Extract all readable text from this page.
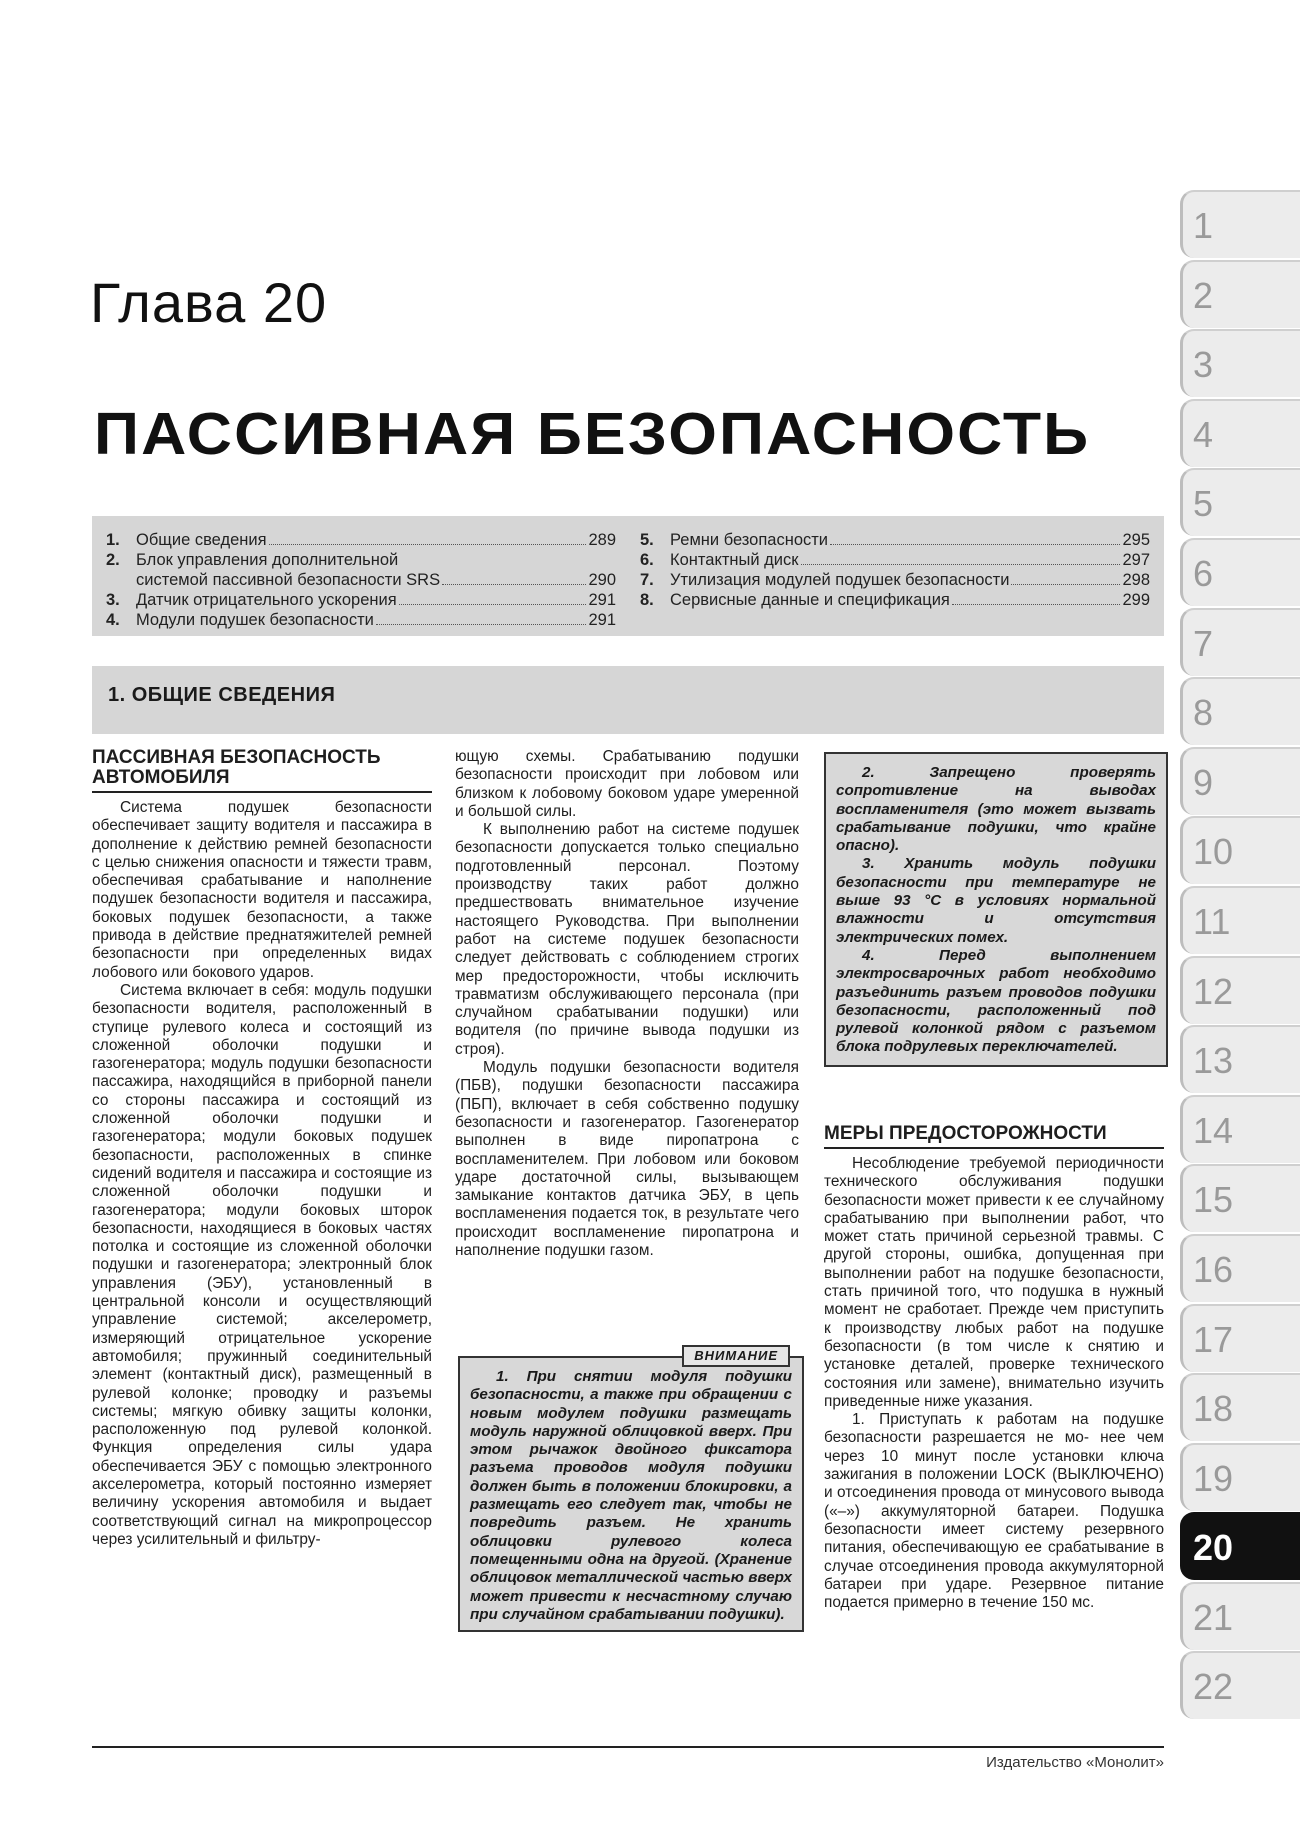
Глава 20
ПАССИВНАЯ БЕЗОПАСНОСТЬ
1. Общие сведения	289
2. Блок управления дополнительной
системой пассивной безопасности SRS	290
3. Датчик отрицательного ускорения	291
4. Модули подушек безопасности	291
5. Ремни безопасности	295
6. Контактный диск	297
7. Утилизация модулей подушек безопасности	298
8. Сервисные данные и спецификация	299
1. ОБЩИЕ СВЕДЕНИЯ
ПАССИВНАЯ БЕЗОПАСНОСТЬ АВТОМОБИЛЯ

Система подушек безопасности обеспечивает защиту водителя и пассажира в дополнение к действию ремней безопасности с целью снижения опасности и тяжести травм, обеспечивая срабатывание и наполнение подушек безопасности водителя и пассажира, боковых подушек безопасности, а также привода в действие преднатяжителей ремней безопасности при определенных видах лобового или бокового ударов.

Система включает в себя: модуль подушки безопасности водителя, расположенный в ступице рулевого колеса и состоящий из сложенной оболочки подушки и газогенератора; модуль подушки безопасности пассажира, находящийся в приборной панели со стороны пассажира и состоящий из сложенной оболочки подушки и газогенератора; модули боковых подушек безопасности, расположенных в спинке сидений водителя и пассажира и состоящие из сложенной оболочки подушки и газогенератора; модули боковых шторок безопасности, находящиеся в боковых частях потолка и состоящие из сложенной оболочки подушки и газогенератора; электронный блок управления (ЭБУ), установленный в центральной консоли и осуществляющий управление системой; акселерометр, измеряющий отрицательное ускорение автомобиля; пружинный соединительный элемент (контактный диск), размещенный в рулевой колонке; проводку и разъемы системы; мягкую обивку защиты колонки, расположенную под рулевой колонкой. Функция определения силы удара обеспечивается ЭБУ с помощью электронного акселерометра, который постоянно измеряет величину ускорения автомобиля и выдает соответствующий сигнал на микропроцессор через усилительный и фильтру-

ющую схемы. Срабатыванию подушки безопасности происходит при лобовом или близком к лобовому боковом ударе умеренной и большой силы.

К выполнению работ на системе подушек безопасности допускается только специально подготовленный персонал. Поэтому производству таких работ должно предшествовать внимательное изучение настоящего Руководства. При выполнении работ на системе подушек безопасности следует действовать с соблюдением строгих мер предосторожности, чтобы исключить травматизм обслуживающего персонала (при случайном срабатывании подушки) или водителя (по причине вывода подушки из строя).

Модуль подушки безопасности водителя (ПБВ), подушки безопасности пассажира (ПБП), включает в себя собственно подушку безопасности и газогенератор. Газогенератор выполнен в виде пиропатрона с воспламенителем. При лобовом или боковом ударе достаточной силы, вызывающем замыкание контактов датчика ЭБУ, в цепь воспламенения подается ток, в результате чего происходит воспламенение пиропатрона и наполнение подушки газом.

ВНИМАНИЕ

1. При снятии модуля подушки безопасности, а также при обращении с новым модулем подушки размещать модуль наружной облицовкой вверх. При этом рычажок двойного фиксатора разъема проводов модуля подушки должен быть в положении блокировки, а размещать его следует так, чтобы не повредить разъем. Не хранить облицовки рулевого колеса помещенными одна на другой. (Хранение облицовок металлической частью вверх может привести к несчастному случаю при случайном срабатывании подушки).

2. Запрещено проверять сопротивление на выводах воспламенителя (это может вызвать срабатывание подушки, что крайне опасно).

3. Хранить модуль подушки безопасности при температуре не выше 93 °С в условиях нормальной влажности и отсутствия электрических помех.

4. Перед выполнением электросварочных работ необходимо разъединить разъем проводов подушки безопасности, расположенный под рулевой колонкой рядом с разъемом блока подрулевых переключателей.

МЕРЫ ПРЕДОСТОРОЖНОСТИ

Несоблюдение требуемой периодичности технического обслуживания подушки безопасности может привести к ее случайному срабатыванию при выполнении работ, что может стать причиной серьезной травмы. С другой стороны, ошибка, допущенная при выполнении работ на подушке безопасности, стать причиной того, что подушка в нужный момент не сработает. Прежде чем приступить к производству любых работ на подушке безопасности (в том числе к снятию и установке деталей, проверке технического состояния или замене), внимательно изучить приведенные ниже указания.

1. Приступать к работам на подушке безопасности разрешается не мо- нее чем через 10 минут после установки ключа зажигания в положении LOCK (ВЫКЛЮЧЕНО) и отсоединения провода от минусового вывода («–») аккумуляторной батареи. Подушка безопасности имеет систему резервного питания, обеспечивающую ее срабатывание в случае отсоединения провода аккумуляторной батареи при ударе. Резервное питание подается примерно в течение 150 мс.

1
2
3
4
5
6
7
8
9
10
11
12
13
14
15
16
17
18
19
20
21
22
Издательство «Монолит»
